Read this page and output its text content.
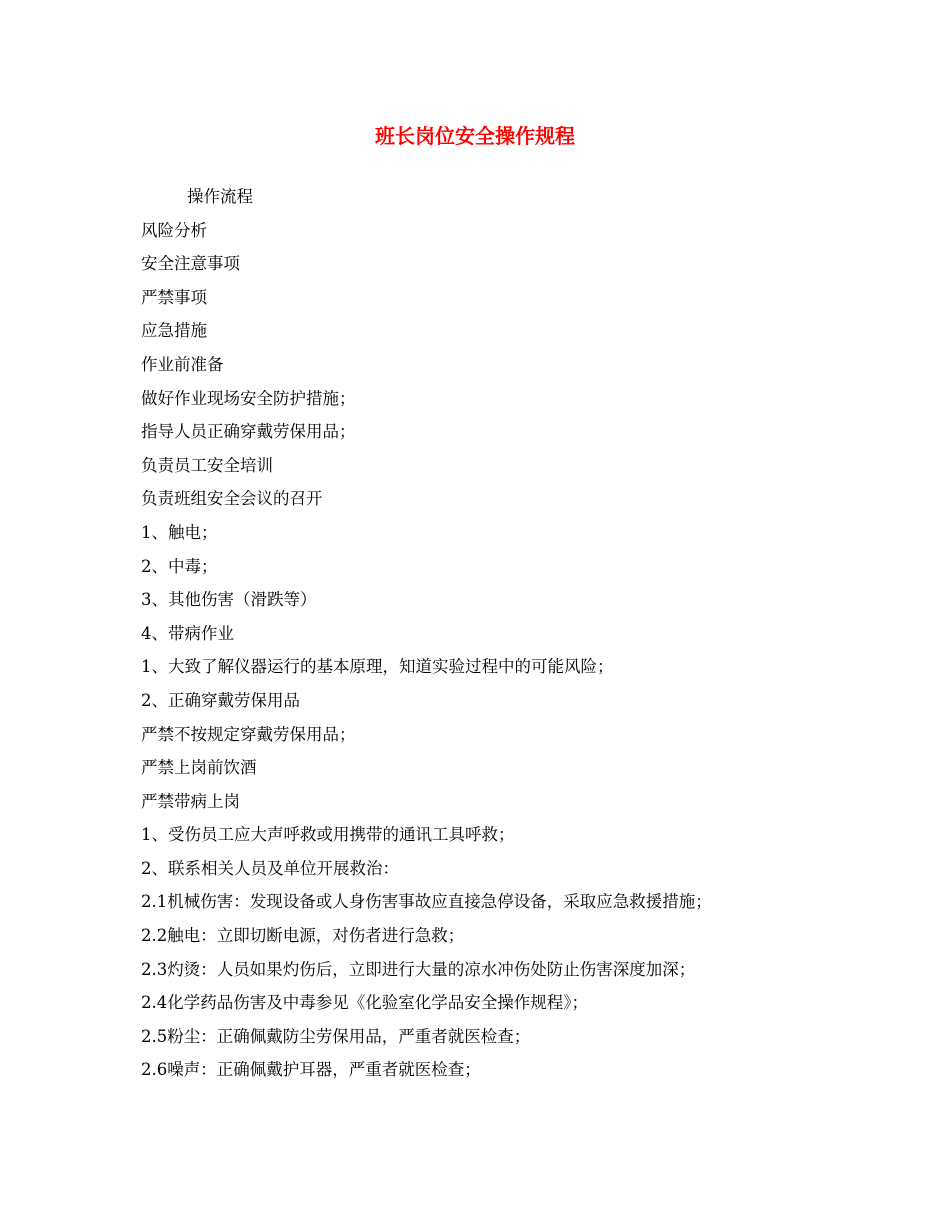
班长岗位安全操作规程

操作流程

风险分析

安全注意事项

严禁事项

应急措施

作业前准备

做好作业现场安全防护措施；

指导人员正确穿戴劳保用品；

负责员工安全培训

负责班组安全会议的召开

1、触电；

2、中毒；

3、其他伤害（滑跌等）

4、带病作业

1、大致了解仪器运行的基本原理，知道实验过程中的可能风险；

2、正确穿戴劳保用品

严禁不按规定穿戴劳保用品；

严禁上岗前饮酒

严禁带病上岗

1、受伤员工应大声呼救或用携带的通讯工具呼救；

2、联系相关人员及单位开展救治：

2.1机械伤害：发现设备或人身伤害事故应直接急停设备，采取应急救援措施；

2.2触电：立即切断电源，对伤者进行急救；

2.3灼烫：人员如果灼伤后，立即进行大量的凉水冲伤处防止伤害深度加深；

2.4化学药品伤害及中毒参见《化验室化学品安全操作规程》；

2.5粉尘：正确佩戴防尘劳保用品，严重者就医检查；

2.6噪声：正确佩戴护耳器，严重者就医检查；
